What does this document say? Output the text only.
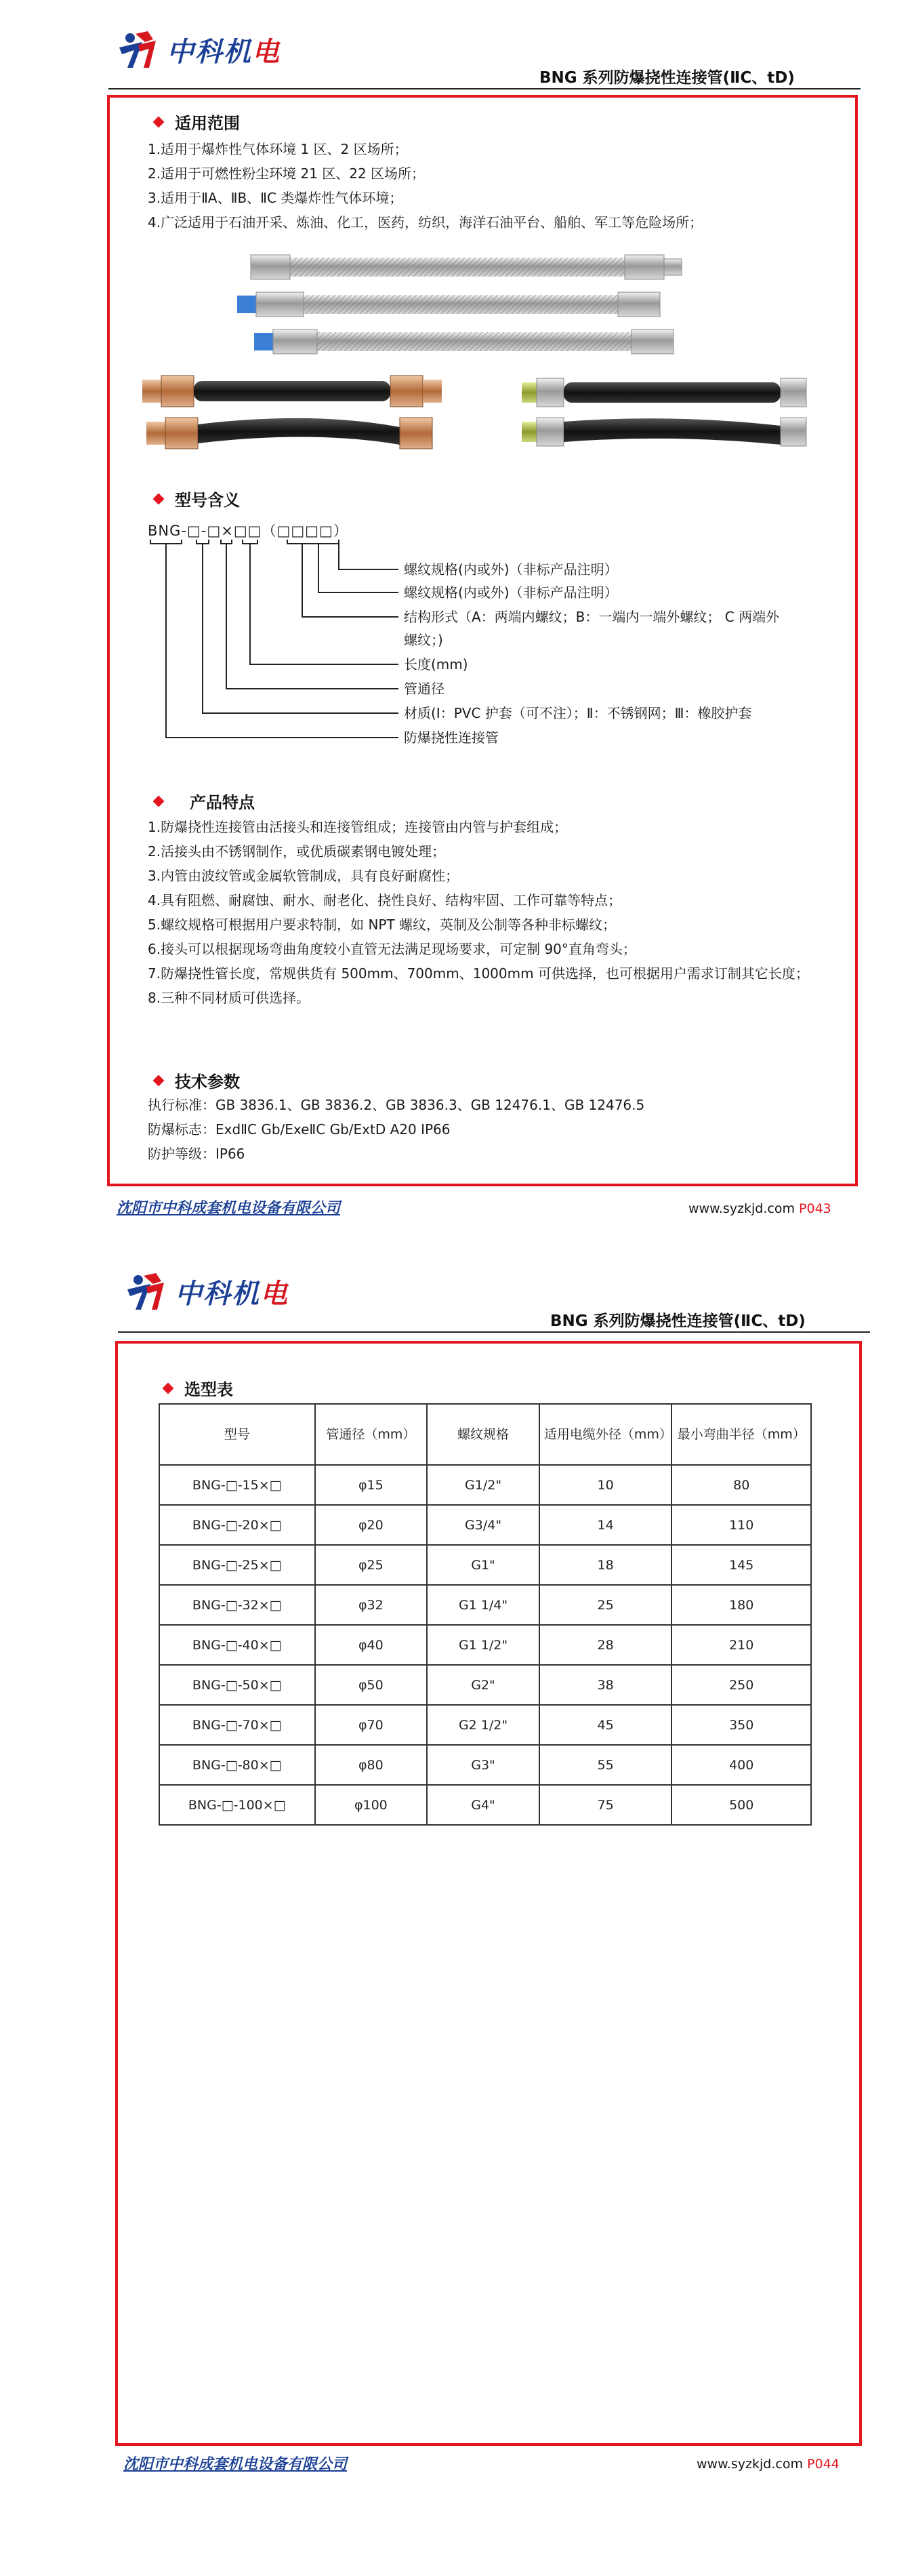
中科机电
BNG 系列防爆挠性连接管(ⅡC、tD)
适用范围
1.适用于爆炸性气体环境 1 区、2 区场所；
2.适用于可燃性粉尘环境 21 区、22 区场所；
3.适用于ⅡA、ⅡB、ⅡC 类爆炸性气体环境；
4.广泛适用于石油开采、炼油、化工，医药，纺织，海洋石油平台、船舶、军工等危险场所；
型号含义
BNG-□-□×□□（□□□□）
螺纹规格(内或外)（非标产品注明）
螺纹规格(内或外)（非标产品注明）
结构形式（A：两端内螺纹；B：一端内一端外螺纹； C 两端外
螺纹；)
长度(mm)
管通径
材质(Ⅰ：PVC 护套（可不注）；Ⅱ：不锈钢网；Ⅲ：橡胶护套
防爆挠性连接管
产品特点
1.防爆挠性连接管由活接头和连接管组成；连接管由内管与护套组成；
2.活接头由不锈钢制作，或优质碳素钢电镀处理；
3.内管由波纹管或金属软管制成，具有良好耐腐性；
4.具有阻燃、耐腐蚀、耐水、耐老化、挠性良好、结构牢固、工作可靠等特点；
5.螺纹规格可根据用户要求特制，如 NPT 螺纹，英制及公制等各种非标螺纹；
6.接头可以根据现场弯曲角度较小直管无法满足现场要求，可定制 90°直角弯头；
7.防爆挠性管长度，常规供货有 500mm、700mm、1000mm 可供选择，也可根据用户需求订制其它长度；
8.三种不同材质可供选择。
技术参数
执行标准：GB 3836.1、GB 3836.2、GB 3836.3、GB 12476.1、GB 12476.5
防爆标志：ExdⅡC Gb/ExeⅡC Gb/ExtD A20 IP66
防护等级：IP66
沈阳市中科成套机电设备有限公司	www.syzkjd.com P043
中科机电
BNG 系列防爆挠性连接管(ⅡC、tD)
选型表
型号	管通径（mm）	螺纹规格	适用电缆外径（mm）	最小弯曲半径（mm）
BNG-□-15×□	φ15	G1/2"	10	80
BNG-□-20×□	φ20	G3/4"	14	110
BNG-□-25×□	φ25	G1"	18	145
BNG-□-32×□	φ32	G1 1/4"	25	180
BNG-□-40×□	φ40	G1 1/2"	28	210
BNG-□-50×□	φ50	G2"	38	250
BNG-□-70×□	φ70	G2 1/2"	45	350
BNG-□-80×□	φ80	G3"	55	400
BNG-□-100×□	φ100	G4"	75	500
沈阳市中科成套机电设备有限公司	www.syzkjd.com P044
